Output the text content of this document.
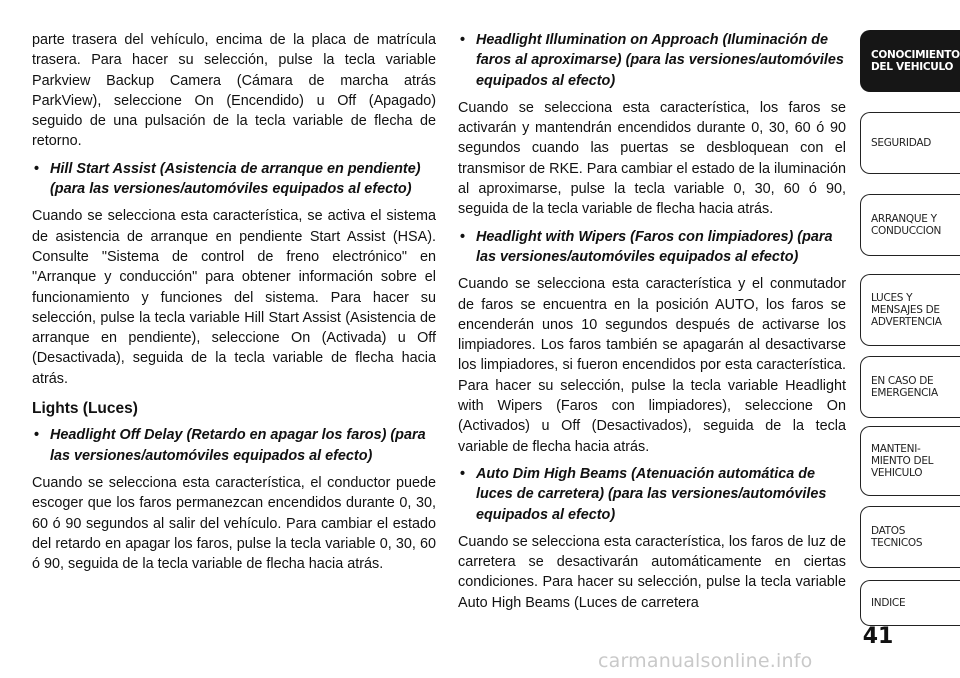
parte trasera del vehículo, encima de la placa de matrícula trasera. Para hacer su selección, pulse la tecla variable Parkview Backup Camera (Cámara de marcha atrás ParkView), seleccione On (Encendido) u Off (Apagado) seguido de una pulsación de la tecla variable de flecha de retorno.

• Hill Start Assist (Asistencia de arranque en pendiente) (para las versiones/automóviles equipados al efecto)

Cuando se selecciona esta característica, se activa el sistema de asistencia de arranque en pendiente Start Assist (HSA). Consulte "Sistema de control de freno electrónico" en "Arranque y conducción" para obtener información sobre el funcionamiento y funciones del sistema. Para hacer su selección, pulse la tecla variable Hill Start Assist (Asistencia de arranque en pendiente), seleccione On (Activada) u Off (Desactivada), seguida de la tecla variable de flecha hacia atrás.

Lights (Luces)

• Headlight Off Delay (Retardo en apagar los faros) (para las versiones/automóviles equipados al efecto)

Cuando se selecciona esta característica, el conductor puede escoger que los faros permanezcan encendidos durante 0, 30, 60 ó 90 segundos al salir del vehículo. Para cambiar el estado del retardo en apagar los faros, pulse la tecla variable 0, 30, 60 ó 90, seguida de la tecla variable de flecha hacia atrás.

• Headlight Illumination on Approach (Iluminación de faros al aproximarse) (para las versiones/automóviles equipados al efecto)

Cuando se selecciona esta característica, los faros se activarán y mantendrán encendidos durante 0, 30, 60 ó 90 segundos cuando las puertas se desbloquean con el transmisor de RKE. Para cambiar el estado de la iluminación al aproximarse, pulse la tecla variable 0, 30, 60 ó 90, seguida de la tecla variable de flecha hacia atrás.

• Headlight with Wipers (Faros con limpiadores) (para las versiones/automóviles equipados al efecto)

Cuando se selecciona esta característica y el conmutador de faros se encuentra en la posición AUTO, los faros se encenderán unos 10 segundos después de activarse los limpiadores. Los faros también se apagarán al desactivarse los limpiadores, si fueron encendidos por esta característica. Para hacer su selección, pulse la tecla variable Headlight with Wipers (Faros con limpiadores), seleccione On (Activados) u Off (Desactivados), seguida de la tecla variable de flecha hacia atrás.

• Auto Dim High Beams (Atenuación automática de luces de carretera) (para las versiones/automóviles equipados al efecto)

Cuando se selecciona esta característica, los faros de luz de carretera se desactivarán automáticamente en ciertas condiciones. Para hacer su selección, pulse la tecla variable Auto High Beams (Luces de carretera

CONOCIMIENTO DEL VEHICULO
SEGURIDAD
ARRANQUE Y CONDUCCION
LUCES Y MENSAJES DE ADVERTENCIA
EN CASO DE EMERGENCIA
MANTENI- MIENTO DEL VEHICULO
DATOS TECNICOS
INDICE
41
carmanualsonline.info
